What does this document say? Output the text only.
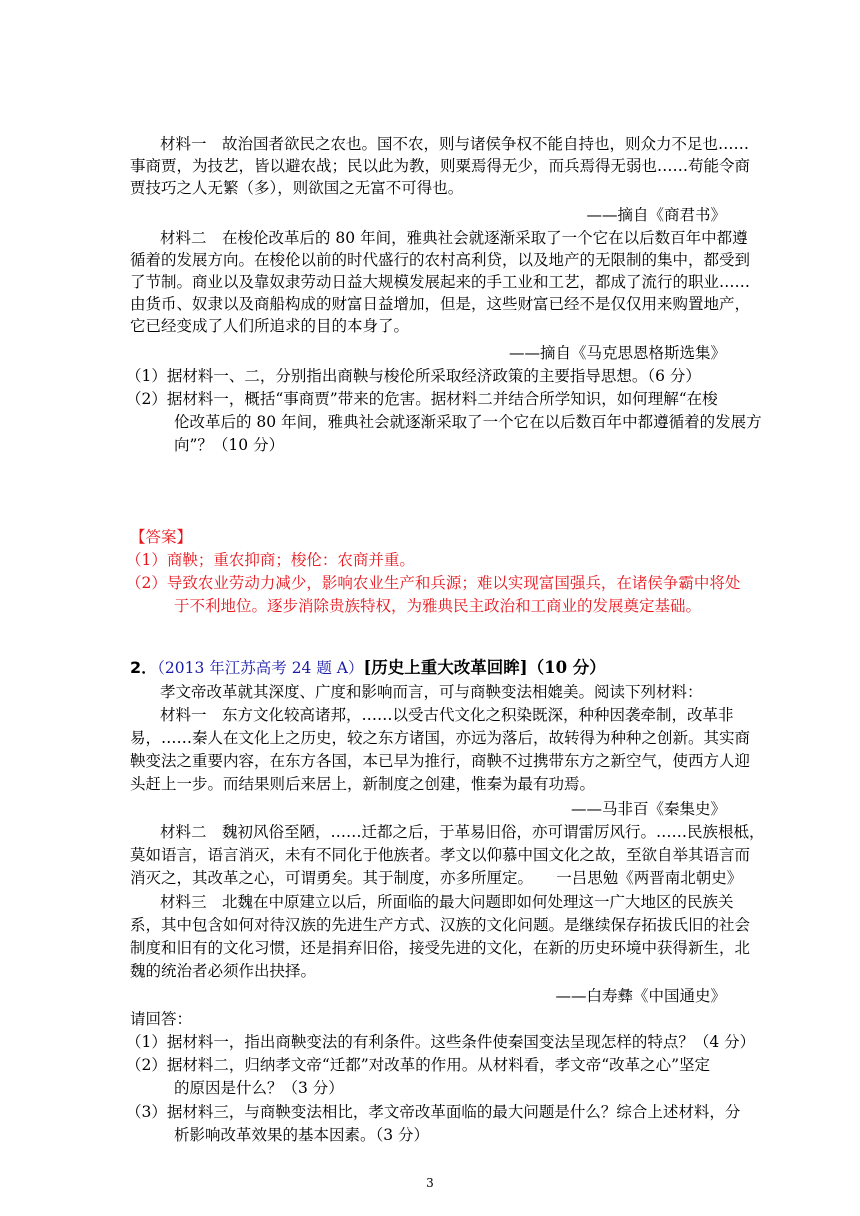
材料一　故治国者欲民之农也。国不农，则与诸侯争权不能自持也，则众力不足也……
事商贾，为技艺，皆以避农战；民以此为教，则粟焉得无少，而兵焉得无弱也……苟能令商
贾技巧之人无繁（多），则欲国之无富不可得也。
——摘自《商君书》
材料二　在梭伦改革后的 80 年间，雅典社会就逐渐采取了一个它在以后数百年中都遵
循着的发展方向。在梭伦以前的时代盛行的农村高利贷，以及地产的无限制的集中，都受到
了节制。商业以及靠奴隶劳动日益大规模发展起来的手工业和工艺，都成了流行的职业……
由货币、奴隶以及商船构成的财富日益增加，但是，这些财富已经不是仅仅用来购置地产，
它已经变成了人们所追求的目的本身了。
——摘自《马克思恩格斯选集》
（1）据材料一、二，分别指出商鞅与梭伦所采取经济政策的主要指导思想。（6 分）
（2）据材料一，概括“事商贾”带来的危害。据材料二并结合所学知识，如何理解“在梭
伦改革后的 80 年间，雅典社会就逐渐采取了一个它在以后数百年中都遵循着的发展方
向”？（10 分）
【答案】
（1）商鞅；重农抑商；梭伦：农商并重。
（2）导致农业劳动力减少，影响农业生产和兵源；难以实现富国强兵，在诸侯争霸中将处
于不利地位。逐步消除贵族特权，为雅典民主政治和工商业的发展奠定基础。
2．（2013 年江苏高考 24 题 A）[历史上重大改革回眸]（10 分）
孝文帝改革就其深度、广度和影响而言，可与商鞅变法相媲美。阅读下列材料：
材料一　东方文化较高诸邦，……以受古代文化之积染既深，种种因袭牵制，改革非
易，……秦人在文化上之历史，较之东方诸国，亦远为落后，故转得为种种之创新。其实商
鞅变法之重要内容，在东方各国，本已早为推行，商鞅不过携带东方之新空气，使西方人迎
头赶上一步。而结果则后来居上，新制度之创建，惟秦为最有功焉。
——马非百《秦集史》
材料二　魏初风俗至陋，……迁都之后，于革易旧俗，亦可谓雷厉风行。……民族根柢，
莫如语言，语言消灭，未有不同化于他族者。孝文以仰慕中国文化之故，至欲自举其语言而
消灭之，其改革之心，可谓勇矣。其于制度，亦多所厘定。　　一吕思勉《两晋南北朝史》
材料三　北魏在中原建立以后，所面临的最大问题即如何处理这一广大地区的民族关
系，其中包含如何对待汉族的先进生产方式、汉族的文化问题。是继续保存拓拔氏旧的社会
制度和旧有的文化习惯，还是捐弃旧俗，接受先进的文化，在新的历史环境中获得新生，北
魏的统治者必须作出抉择。
——白寿彝《中国通史》
请回答：
（1）据材料一，指出商鞅变法的有利条件。这些条件使秦国变法呈现怎样的特点？（4 分）
（2）据材料二，归纳孝文帝“迁都”对改革的作用。从材料看，孝文帝“改革之心”坚定
的原因是什么？（3 分）
（3）据材料三，与商鞅变法相比，孝文帝改革面临的最大问题是什么？综合上述材料，分
析影响改革效果的基本因素。（3 分）
3
